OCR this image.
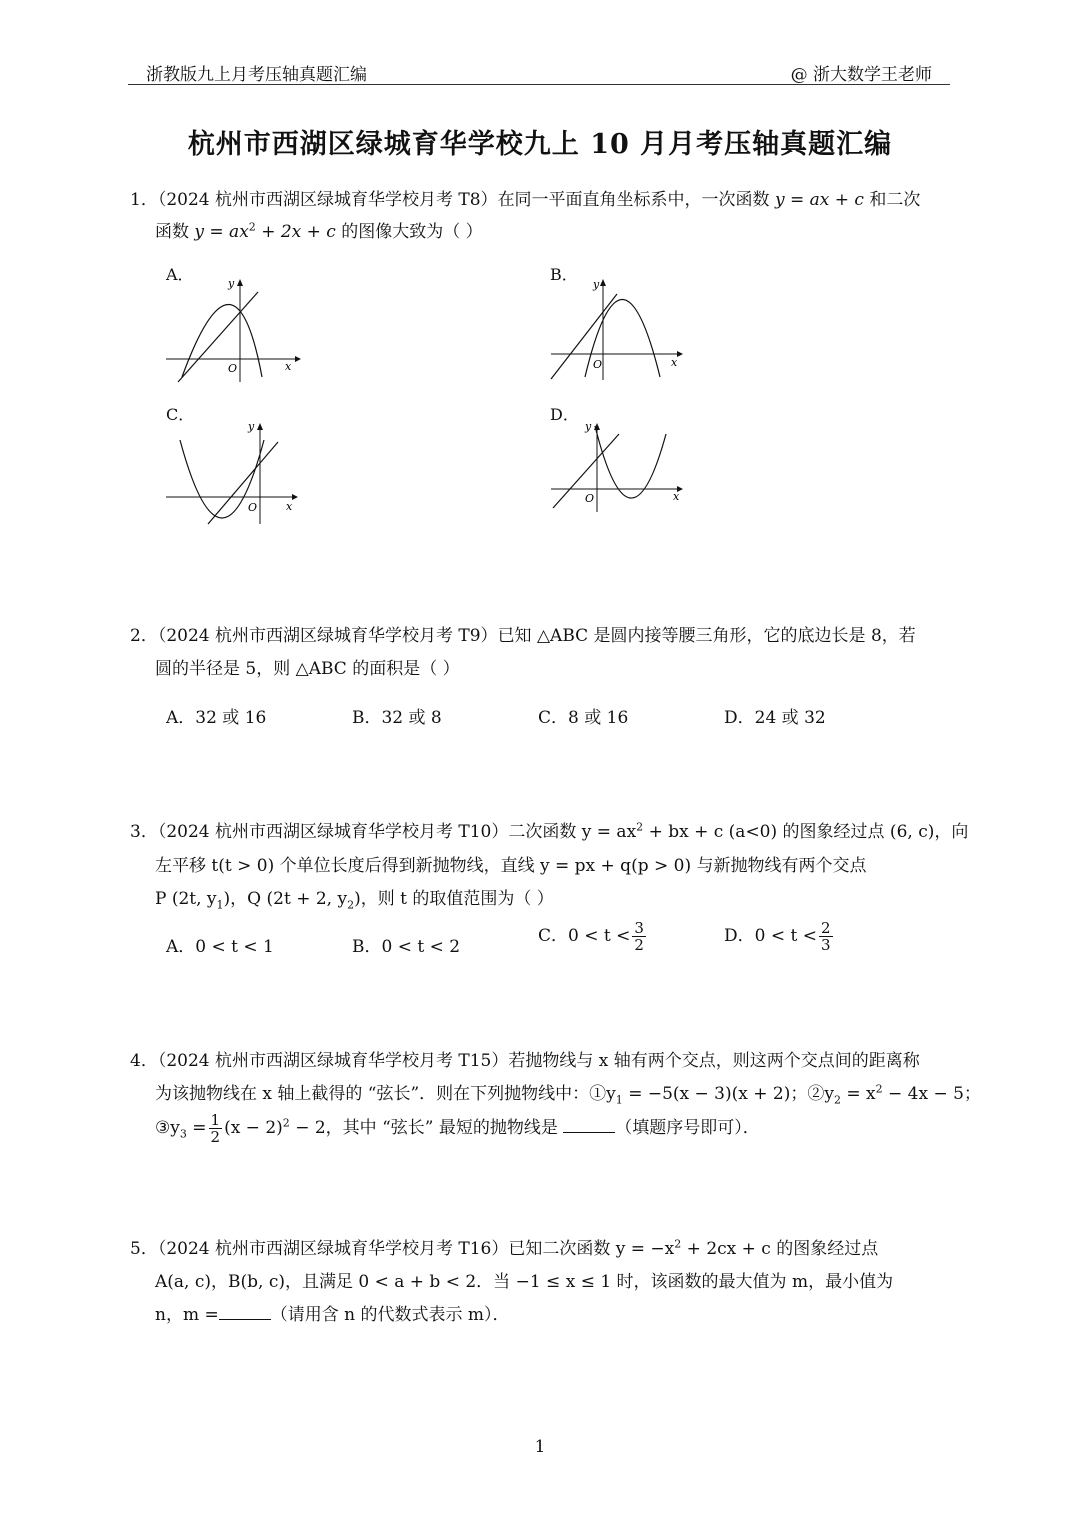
浙教版九上月考压轴真题汇编	@ 浙大数学王老师
杭州市西湖区绿城育华学校九上 10 月月考压轴真题汇编
1．（2024 杭州市西湖区绿城育华学校月考 T8）在同一平面直角坐标系中，一次函数 y = ax + c 和二次
函数 $y = ax^2 + 2x + c$ 的图像大致为（ ）
A．	B．
C．	D．
y
x
O
y
x
O
y
x
O
y
x
O
2．（2024 杭州市西湖区绿城育华学校月考 T9）已知 △ABC 是圆内接等腰三角形，它的底边长是 8，若
圆的半径是 5，则 △ABC 的面积是（ ）
A．32 或 16	B．32 或 8	C．8 或 16	D．24 或 32
3．（2024 杭州市西湖区绿城育华学校月考 T10）二次函数 $y = ax^2$ + bx + c (a<0) 的图象经过点 (6, c)，向
左平移 t(t > 0) 个单位长度后得到新抛物线，直线 y = px + q(p > 0) 与新抛物线有两个交点
P (2t, $y_1$)，Q (2t + 2, $y_2$)，则 t 的取值范围为（ ）
A．0 < t < 1	B．0 < t < 2
C．$0 < t < \frac{3}{2}$	D．$0 < t < \frac{2}{3}$
4．（2024 杭州市西湖区绿城育华学校月考 T15）若抛物线与 x 轴有两个交点，则这两个交点间的距离称
为该抛物线在 x 轴上截得的 “弦长”．则在下列抛物线中：$①y_1 = -5(x - 3)(x + 2)$；$②y_2 = x^2 - 4x - 5$；
$③y_3 = \frac{1}{2} (x - 2)^2 - 2$，其中 “弦长” 最短的抛物线是	（填题序号即可）．
5．（2024 杭州市西湖区绿城育华学校月考 T16）已知二次函数 $y = -x^2 + 2cx + c$ 的图象经过点
A(a, c)，B(b, c)，且满足 0 < a + b < 2．当 −1 ≤ x ≤ 1 时，该函数的最大值为 m，最小值为
n，m =	（请用含 n 的代数式表示 m）．
1
